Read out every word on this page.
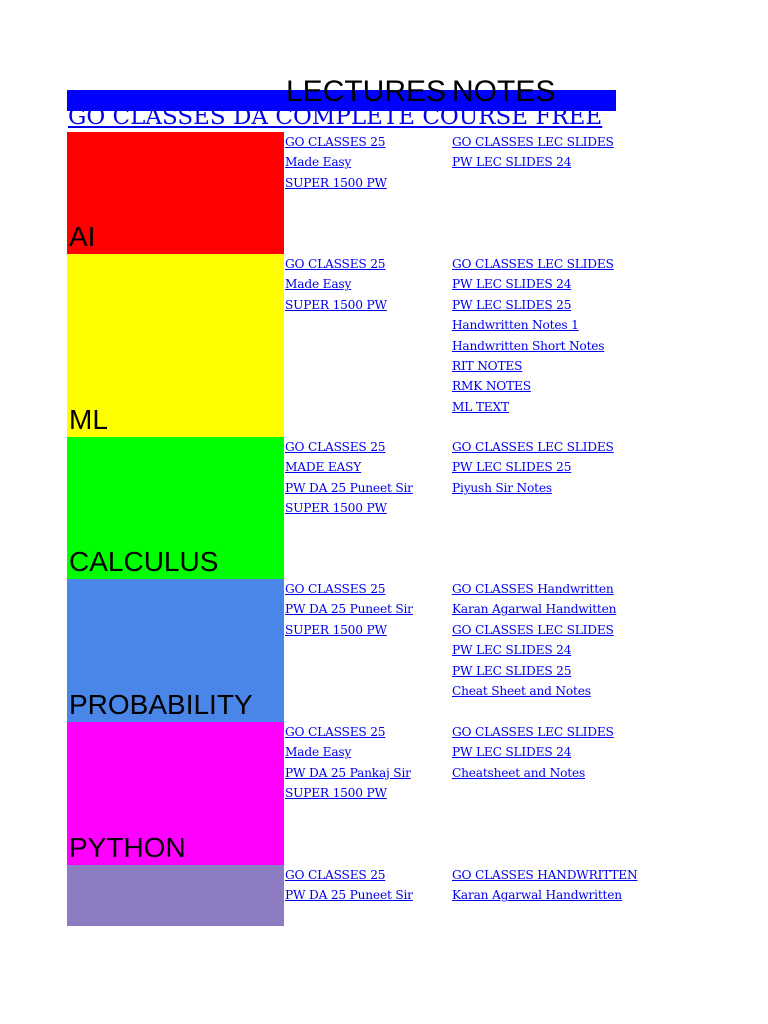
LECTURES NOTES
GO CLASSES DA COMPLETE COURSE FREE
AI
GO CLASSES 25
Made Easy
SUPER 1500 PW
GO CLASSES LEC SLIDES
PW LEC SLIDES 24
ML
GO CLASSES 25
Made Easy
SUPER 1500 PW
GO CLASSES LEC SLIDES
PW LEC SLIDES 24
PW LEC SLIDES 25
Handwritten Notes 1
Handwritten Short Notes
RIT NOTES
RMK NOTES
ML TEXT
CALCULUS
GO CLASSES 25
MADE EASY
PW DA 25 Puneet Sir
SUPER 1500 PW
GO CLASSES LEC SLIDES
PW LEC SLIDES 25
Piyush Sir Notes
PROBABILITY
GO CLASSES 25
PW DA 25 Puneet Sir
SUPER 1500 PW
GO CLASSES Handwritten
Karan Agarwal Handwitten
GO CLASSES LEC SLIDES
PW LEC SLIDES 24
PW LEC SLIDES 25
Cheat Sheet and Notes
PYTHON
GO CLASSES 25
Made Easy
PW DA 25 Pankaj Sir
SUPER 1500 PW
GO CLASSES LEC SLIDES
PW LEC SLIDES 24
Cheatsheet and Notes
GO CLASSES 25
PW DA 25 Puneet Sir
GO CLASSES HANDWRITTEN
Karan Agarwal Handwritten
